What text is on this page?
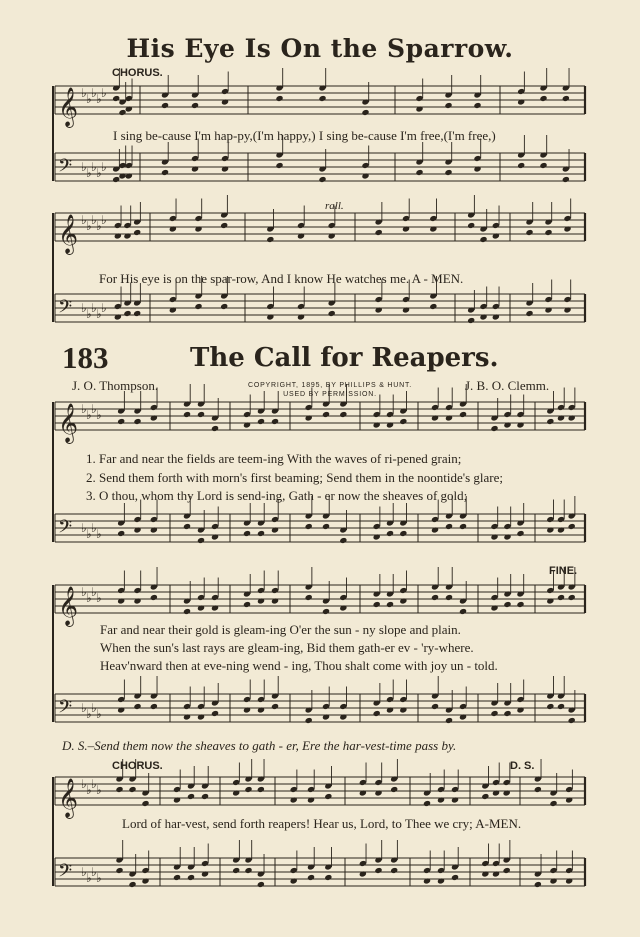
𝄞 ♭ ♭ ♭ ♭ ♭
𝄢 ♭ ♭ ♭ ♭ ♭
𝄞 ♭ ♭ ♭ ♭ ♭
𝄢 ♭ ♭ ♭ ♭ ♭
𝄞 ♭ ♭ ♭ ♭
𝄢 ♭ ♭ ♭ ♭
𝄞 ♭ ♭ ♭ ♭
𝄢 ♭ ♭ ♭ ♭
𝄞 ♭ ♭ ♭ ♭
𝄢 ♭ ♭ ♭ ♭
His Eye Is On the Sparrow.
CHORUS.
I sing be-cause I'm hap-py,(I'm happy,) I sing be-cause I'm free,(I'm free,)
rall.
For His eye is on the spar-row, And I know He watches me. A - MEN.
183	The Call for Reapers.
J. O. Thompson.	J. B. O. Clemm.
COPYRIGHT, 1895, BY PHILLIPS & HUNT.
USED BY PERMISSION.
1. Far and near the fields are teem-ing With the waves of ri-pened grain;
2. Send them forth with morn's first beaming; Send them in the noontide's glare;
3. O thou, whom thy Lord is send-ing, Gath - er now the sheaves of gold;
FINE.
Far and near their gold is gleam-ing O'er the sun - ny slope and plain.
When the sun's last rays are gleam-ing, Bid them gath-er ev - 'ry-where.
Heav'nward then at eve-ning wend - ing, Thou shalt come with joy un - told.
D. S.–Send them now the sheaves to gath - er, Ere the har-vest-time pass by.
CHORUS.	D. S.
Lord of har-vest, send forth reapers! Hear us, Lord, to Thee we cry; A-MEN.
